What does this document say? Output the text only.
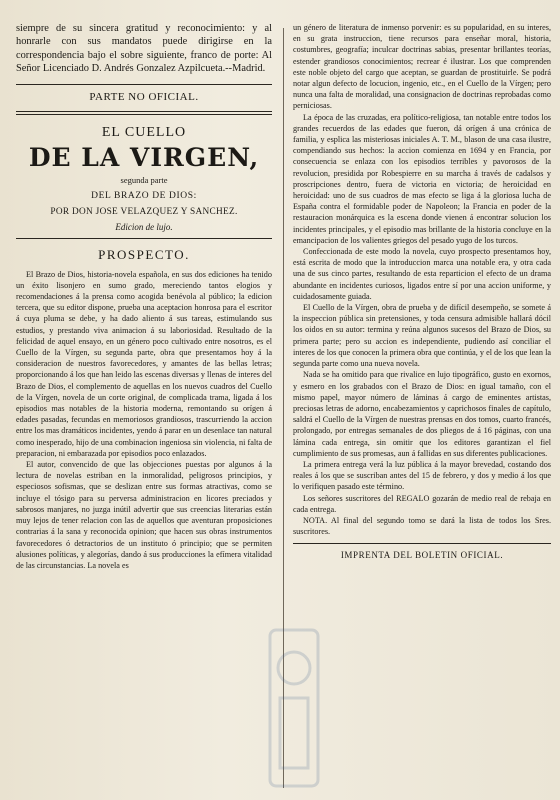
siempre de su sincera gratitud y reconocimiento: y al honrarle con sus mandatos puede dirigirse en la correspondencia bajo el sobre siguiente, franco de porte: Al Señor Licenciado D. Andrés Gonzalez Azpilcueta.--Madrid.

PARTE NO OFICIAL.
EL CUELLO
DE LA VIRGEN,
segunda parte
DEL BRAZO DE DIOS:
POR DON JOSE VELAZQUEZ Y SANCHEZ.
Edicion de lujo.
PROSPECTO.

El Brazo de Dios, historia-novela española, en sus dos ediciones ha tenido un éxito lisonjero en sumo grado, mereciendo tantos elogios y recomendaciones á la prensa como acogida benévola al público; la edicion tercera, que su editor dispone, prueba una aceptacion honrosa para el escritor á cuya pluma se debe, y ha dado aliento á sus tareas, estimulando sus estudios, y prestando viva animacion á su laboriosidad. Resultado de la felicidad de aquel ensayo, en un género poco cultivado entre nosotros, es el Cuello de la Vírgen, su segunda parte, obra que presentamos hoy á la consideracion de nuestros favorecedores, y amantes de las bellas letras; proporcionando á los que han leido las escenas diversas y llenas de interes del Brazo de Dios, el complemento de aquellas en los nuevos cuadros del Cuello de la Vírgen, novela de un corte original, de complicada trama, ligada á los episodios mas notables de la historia moderna, remontando su orígen á edades pasadas, fecundas en memoriosos grandiosos, trascurriendo la accion entre los mas dramáticos incidentes, yendo á parar en un desenlace tan natural como inesperado, hijo de una combinacion ingeniosa sin violencia, ni falta de preparacion, ni embarazada por episodios poco enlazados.

El autor, convencido de que las objecciones puestas por algunos á la lectura de novelas estriban en la inmoralidad, peligrosos principios, y especiosos sofismas, que se deslizan entre sus formas atractivas, como se incluye el tósigo para su perversa administracion en licores preciados y sabrosos manjares, no juzga inútil advertir que sus creencias literarias están muy lejos de tener relacion con las de aquellos que aventuran proposiciones contrarias á la sana y reconocida opinion; que hacen sus obras instrumentos favorecedores ó detractorios de un instituto ó principio; que se permiten alusiones políticas, y alegorías, dando á sus producciones la efímera vitalidad de las circunstancias. La novela es

un género de literatura de inmenso porvenir: es su popularidad, en su interes, en su grata instruccion, tiene recursos para enseñar moral, historia, costumbres, geografía; inculcar doctrinas sabias, presentar brillantes teorías, estender grandiosos conocimientos; recrear é ilustrar. Los que comprenden este noble objeto del cargo que aceptan, se guardan de prostituirle. Se podrá notar algun defecto de locucion, ingenio, etc., en el Cuello de la Vírgen; pero nunca una falta de moralidad, una consignacion de doctrinas reprobadas como perniciosas.

La época de las cruzadas, era político-religiosa, tan notable entre todos los grandes recuerdos de las edades que fueron, dá orígen á una crónica de familia, y esplica las misteriosas iniciales A. T. M., blason de una casa ilustre, compendiando sus hechos: la accion comienza en 1694 y en Francia, por consecuencia se enlaza con los episodios terribles y pavorosos de la revolucion, presidida por Robespierre en su marcha á través de cadalsos y proscripciones dentro, fuera de victoria en victoria; de heroicidad en heroicidad: uno de sus cuadros de mas efecto se liga á la gloriosa lucha de España contra el formidable poder de Napoleon; la Francia en poder de la restauracion monárquica es la escena donde vienen á encontrar solucion los incidentes principales, y el episodio mas brillante de la historia concluye en la emancipacion de los valientes griegos del pesado yugo de los turcos.

Confeccionada de este modo la novela, cuyo prospecto presentamos hoy, está escrita de modo que la introduccion marca una notable era, y otra cada una de sus cinco partes, resultando de esta reparticion el efecto de un drama abundante en incidentes curiosos, ligados entre sí por una accion uniforme, y cuidadosamente guiada.

El Cuello de la Vírgen, obra de prueba y de difícil desempeño, se somete á la inspeccion pública sin pretensiones, y toda censura admisible hallará dócil los oidos en su autor: termina y reúna algunos sucesos del Brazo de Dios, su primera parte; pero su accion es independiente, pudiendo así conciliar el interes de los que conocen la primera obra que continúa, y el de los que lean la segunda parte como una nueva novela.

Nada se ha omitido para que rivalice en lujo tipográfico, gusto en exornos, y esmero en los grabados con el Brazo de Dios: en igual tamaño, con el mismo papel, mayor número de láminas á cargo de eminentes artistas, preciosas letras de adorno, encabezamientos y caprichosos finales de capítulo, saldrá el Cuello de la Vírgen de nuestras prensas en dos tomos, cuarto francés, prolongado, por entregas semanales de dos pliegos de á 16 páginas, con una lámina cada entrega, sin omitir que los editores garantizan el fiel cumplimiento de sus promesas, aun á fallidas en sus diferentes publicaciones.

La primera entrega verá la luz pública á la mayor brevedad, costando dos reales á los que se suscriban antes del 15 de febrero, y dos y medio á los que lo verifiquen pasado este término.

Los señores suscritores del REGALO gozarán de medio real de rebaja en cada entrega.

NOTA. Al final del segundo tomo se dará la lista de todos los Sres. suscritores.

IMPRENTA DEL BOLETIN OFICIAL.
